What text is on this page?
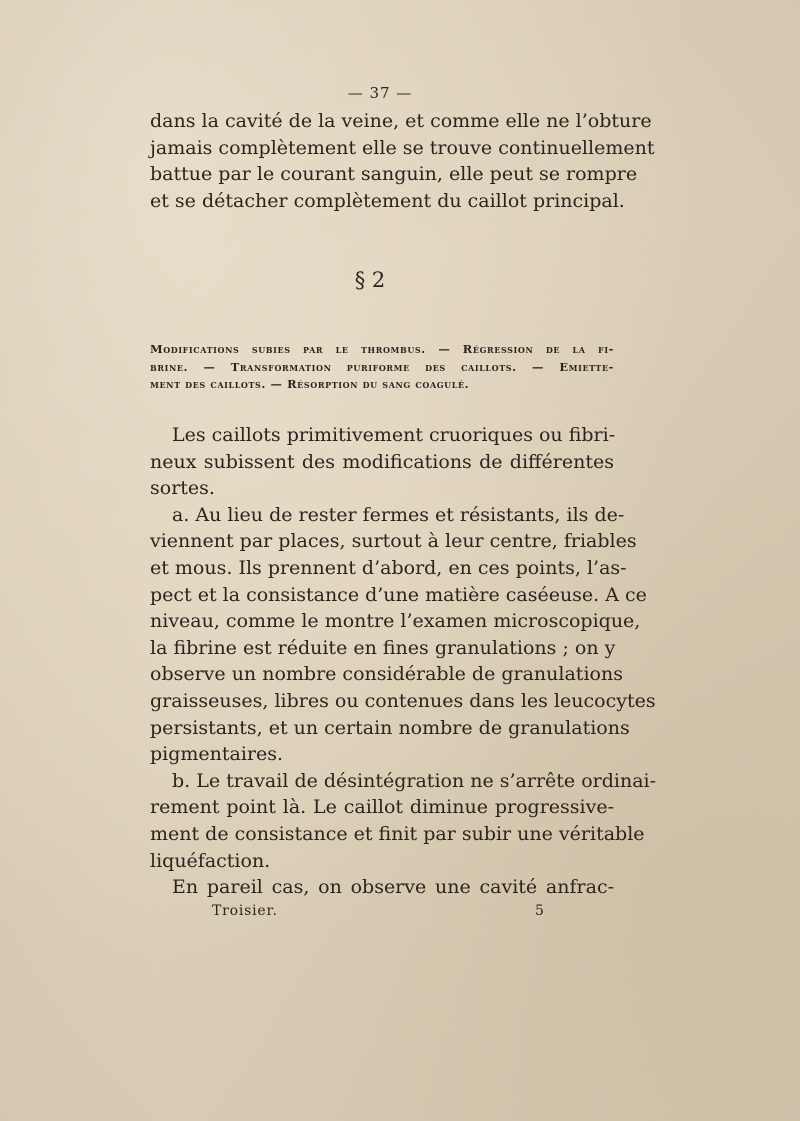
— 37 —
dans la cavité de la veine, et comme elle ne l’obture
jamais complètement elle se trouve continuellement
battue par le courant sanguin, elle peut se rompre
et se détacher complètement du caillot principal.
§ 2
Modifications subies par le thrombus. — Régression de la fi-
brine. — Transformation puriforme des caillots. — Emiette-
ment des caillots. — Résorption du sang coagulé.
Les caillots primitivement cruoriques ou fibri-
neux subissent des modifications de différentes
sortes.
a. Au lieu de rester fermes et résistants, ils de-
viennent par places, surtout à leur centre, friables
et mous. Ils prennent d’abord, en ces points, l’as-
pect et la consistance d’une matière caséeuse. A ce
niveau, comme le montre l’examen microscopique,
la fibrine est réduite en fines granulations ; on y
observe un nombre considérable de granulations
graisseuses, libres ou contenues dans les leucocytes
persistants, et un certain nombre de granulations
pigmentaires.
b. Le travail de désintégration ne s’arrête ordinai-
rement point là. Le caillot diminue progressive-
ment de consistance et finit par subir une véritable
liquéfaction.
En pareil cas, on observe une cavité anfrac-
Troisier.	5
